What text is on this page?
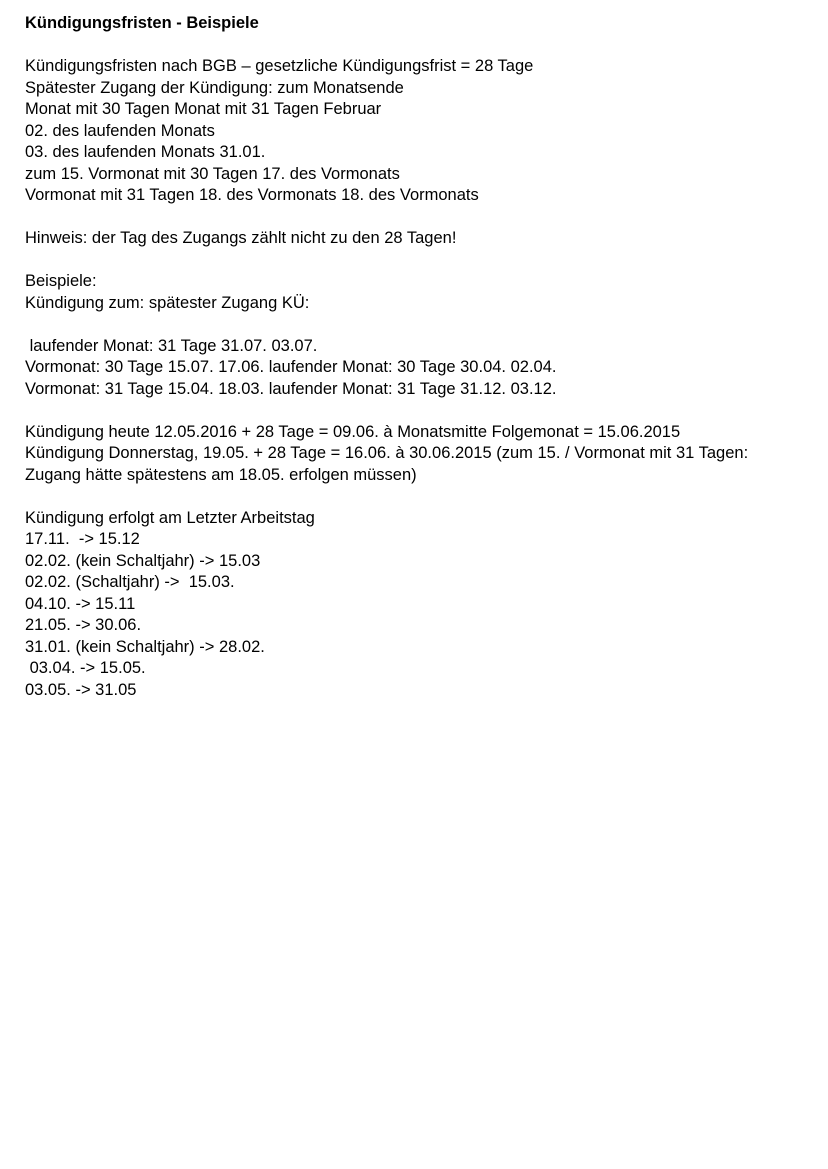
Kündigungsfristen - Beispiele

Kündigungsfristen nach BGB – gesetzliche Kündigungsfrist = 28 Tage

Spätester Zugang der Kündigung: zum Monatsende

Monat mit 30 Tagen Monat mit 31 Tagen Februar

02. des laufenden Monats

03. des laufenden Monats 31.01.

zum 15. Vormonat mit 30 Tagen 17. des Vormonats

Vormonat mit 31 Tagen 18. des Vormonats 18. des Vormonats

Hinweis: der Tag des Zugangs zählt nicht zu den 28 Tagen!

Beispiele:

Kündigung zum: spätester Zugang KÜ:

laufender Monat: 31 Tage 31.07. 03.07.

Vormonat: 30 Tage 15.07. 17.06. laufender Monat: 30 Tage 30.04. 02.04.

Vormonat: 31 Tage 15.04. 18.03. laufender Monat: 31 Tage 31.12. 03.12.

Kündigung heute 12.05.2016 + 28 Tage = 09.06. à Monatsmitte Folgemonat = 15.06.2015

Kündigung Donnerstag, 19.05. + 28 Tage = 16.06. à 30.06.2015 (zum 15. / Vormonat mit 31 Tagen: Zugang hätte spätestens am 18.05. erfolgen müssen)

Kündigung erfolgt am Letzter Arbeitstag

17.11.  -> 15.12

02.02. (kein Schaltjahr) -> 15.03

02.02. (Schaltjahr) ->  15.03.

04.10. -> 15.11

21.05. -> 30.06.

31.01. (kein Schaltjahr) -> 28.02.

03.04. -> 15.05.

03.05. -> 31.05
